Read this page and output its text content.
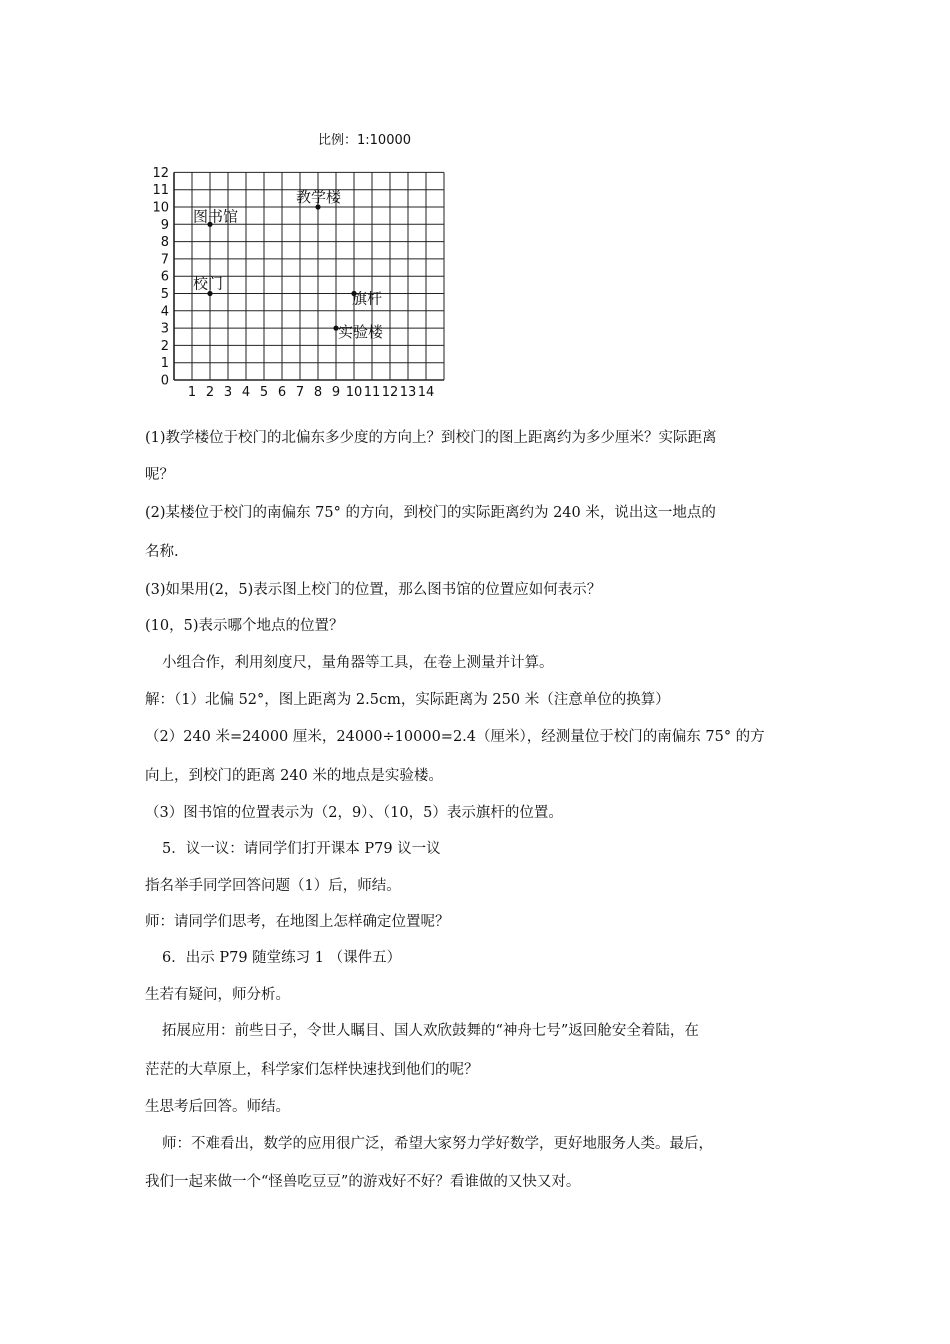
比例：1:10000
1 2 3 4 5 6 7 8 9 10 11 12 13 14
0
1
2
3
4
5
6
7
8
9
10
11
12
图书馆
教学楼
校门
旗杆
实验楼
(1)教学楼位于校门的北偏东多少度的方向上？到校门的图上距离约为多少厘米？实际距离
呢？
(2)某楼位于校门的南偏东 75° 的方向，到校门的实际距离约为 240 米，说出这一地点的
名称.
(3)如果用(2，5)表示图上校门的位置，那么图书馆的位置应如何表示？
(10，5)表示哪个地点的位置？
小组合作，利用刻度尺，量角器等工具，在卷上测量并计算。
解：（1）北偏 52°，图上距离为 2.5cm，实际距离为 250 米（注意单位的换算）
（2）240 米=24000 厘米，24000÷10000=2.4（厘米），经测量位于校门的南偏东 75° 的方
向上，到校门的距离 240 米的地点是实验楼。
（3）图书馆的位置表示为（2，9）、（10，5）表示旗杆的位置。
5．议一议：请同学们打开课本 P79 议一议
指名举手同学回答问题（1）后，师结。
师：请同学们思考，在地图上怎样确定位置呢？
6．出示 P79 随堂练习 1 （课件五）
生若有疑问，师分析。
拓展应用：前些日子，令世人瞩目、国人欢欣鼓舞的“神舟七号”返回舱安全着陆，在
茫茫的大草原上，科学家们怎样快速找到他们的呢？
生思考后回答。师结。
师：不难看出，数学的应用很广泛，希望大家努力学好数学，更好地服务人类。最后，
我们一起来做一个“怪兽吃豆豆”的游戏好不好？看谁做的又快又对。
